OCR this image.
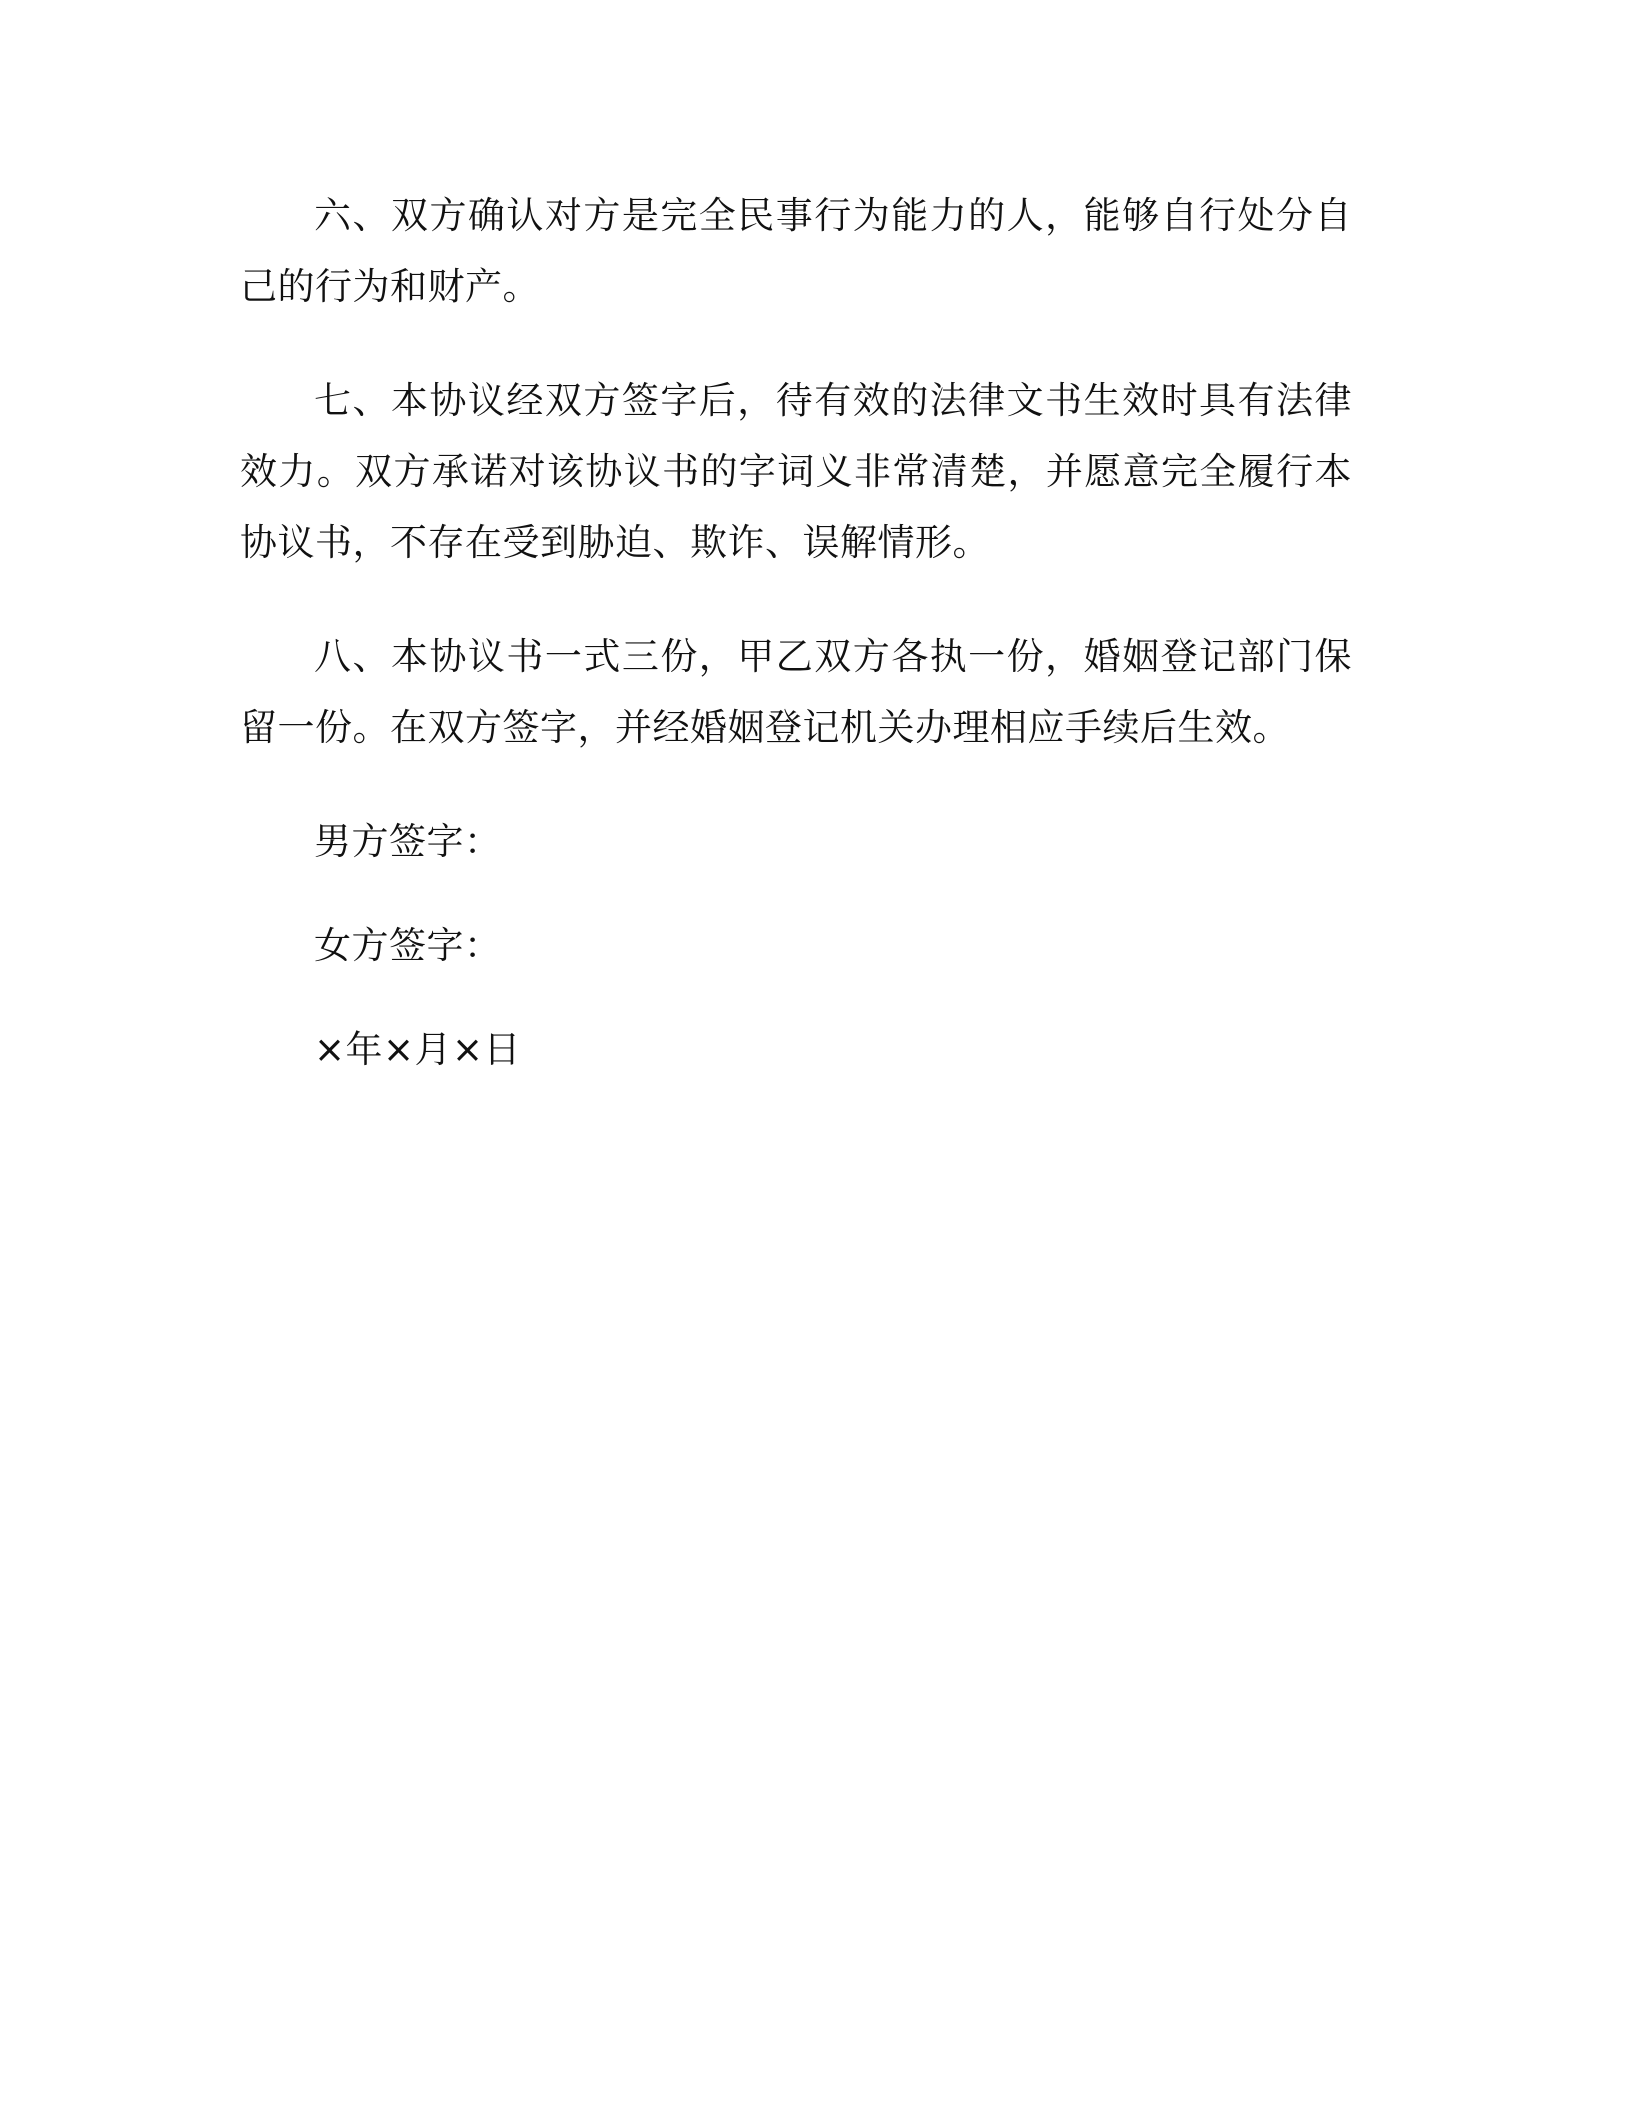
六、双方确认对方是完全民事行为能力的人，能够自行处分自己的行为和财产。

七、本协议经双方签字后，待有效的法律文书生效时具有法律效力。双方承诺对该协议书的字词义非常清楚，并愿意完全履行本协议书，不存在受到胁迫、欺诈、误解情形。

八、本协议书一式三份，甲乙双方各执一份，婚姻登记部门保留一份。在双方签字，并经婚姻登记机关办理相应手续后生效。

男方签字：

女方签字：

×年×月×日
